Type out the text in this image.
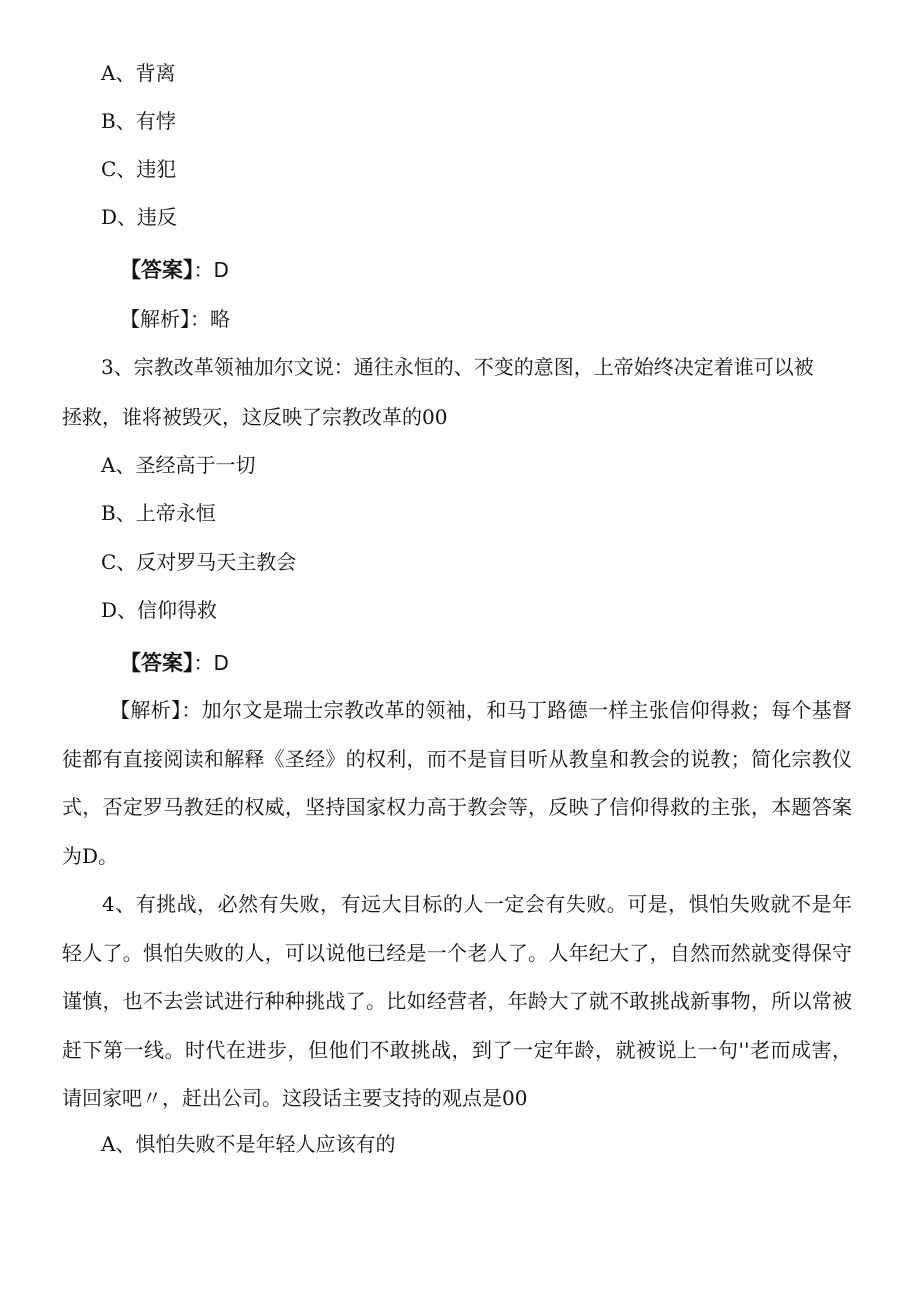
A、背离
B、有悖
C、违犯
D、违反
【答案】：D
【解析】：略
3、宗教改革领袖加尔文说：通往永恒的、不变的意图，上帝始终决定着谁可以被
拯救，谁将被毁灭，这反映了宗教改革的00
A、圣经高于一切
B、上帝永恒
C、反对罗马天主教会
D、信仰得救
【答案】：D
【解析】：加尔文是瑞士宗教改革的领袖，和马丁路德一样主张信仰得救；每个基督徒都有直接阅读和解释《圣经》的权利，而不是盲目听从教皇和教会的说教；简化宗教仪式，否定罗马教廷的权威，坚持国家权力高于教会等，反映了信仰得救的主张，本题答案为D。
4、有挑战，必然有失败，有远大目标的人一定会有失败。可是，惧怕失败就不是年轻人了。惧怕失败的人，可以说他已经是一个老人了。人年纪大了，自然而然就变得保守谨慎，也不去尝试进行种种挑战了。比如经营者，年龄大了就不敢挑战新事物，所以常被赶下第一线。时代在进步，但他们不敢挑战，到了一定年龄，就被说上一句''老而成害，请回家吧〃，赶出公司。这段话主要支持的观点是00
A、惧怕失败不是年轻人应该有的
